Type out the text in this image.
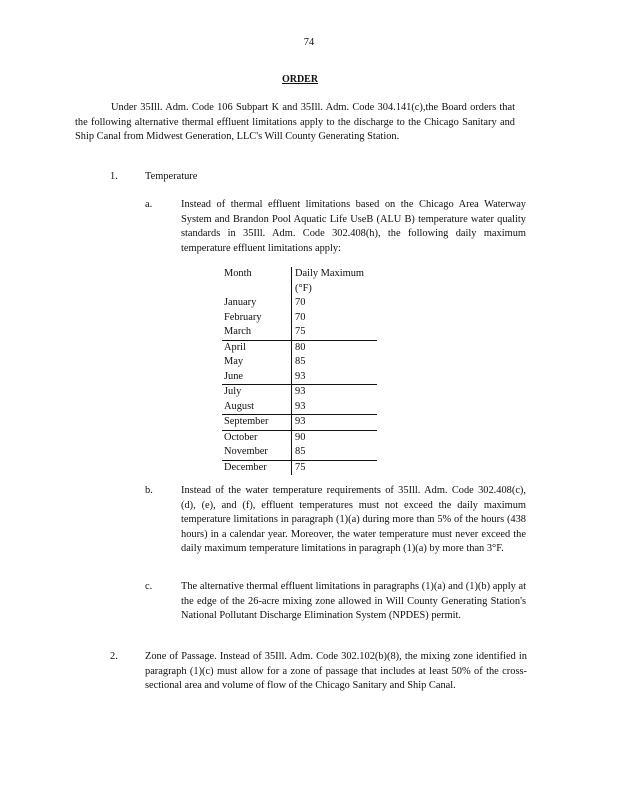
74
ORDER
Under 35Ill. Adm. Code 106 Subpart K and 35Ill. Adm. Code 304.141(c),the Board orders that the following alternative thermal effluent limitations apply to the discharge to the Chicago Sanitary and Ship Canal from Midwest Generation, LLC's Will County Generating Station.
1.	Temperature
a.	Instead of thermal effluent limitations based on the Chicago Area Waterway System and Brandon Pool Aquatic Life UseB (ALU B) temperature water quality standards in 35Ill. Adm. Code 302.408(h), the following daily maximum temperature effluent limitations apply:
Month	Daily Maximum (°F)
January	70
February	70
March	75
April	80
May	85
June	93
July	93
August	93
September	93
October	90
November	85
December	75
b.	Instead of the water temperature requirements of 35Ill. Adm. Code 302.408(c), (d), (e), and (f), effluent temperatures must not exceed the daily maximum temperature limitations in paragraph (1)(a) during more than 5% of the hours (438 hours) in a calendar year. Moreover, the water temperature must never exceed the daily maximum temperature limitations in paragraph (1)(a) by more than 3°F.
c.	The alternative thermal effluent limitations in paragraphs (1)(a) and (1)(b) apply at the edge of the 26-acre mixing zone allowed in Will County Generating Station's National Pollutant Discharge Elimination System (NPDES) permit.
2.	Zone of Passage. Instead of 35Ill. Adm. Code 302.102(b)(8), the mixing zone identified in paragraph (1)(c) must allow for a zone of passage that includes at least 50% of the cross-sectional area and volume of flow of the Chicago Sanitary and Ship Canal.
